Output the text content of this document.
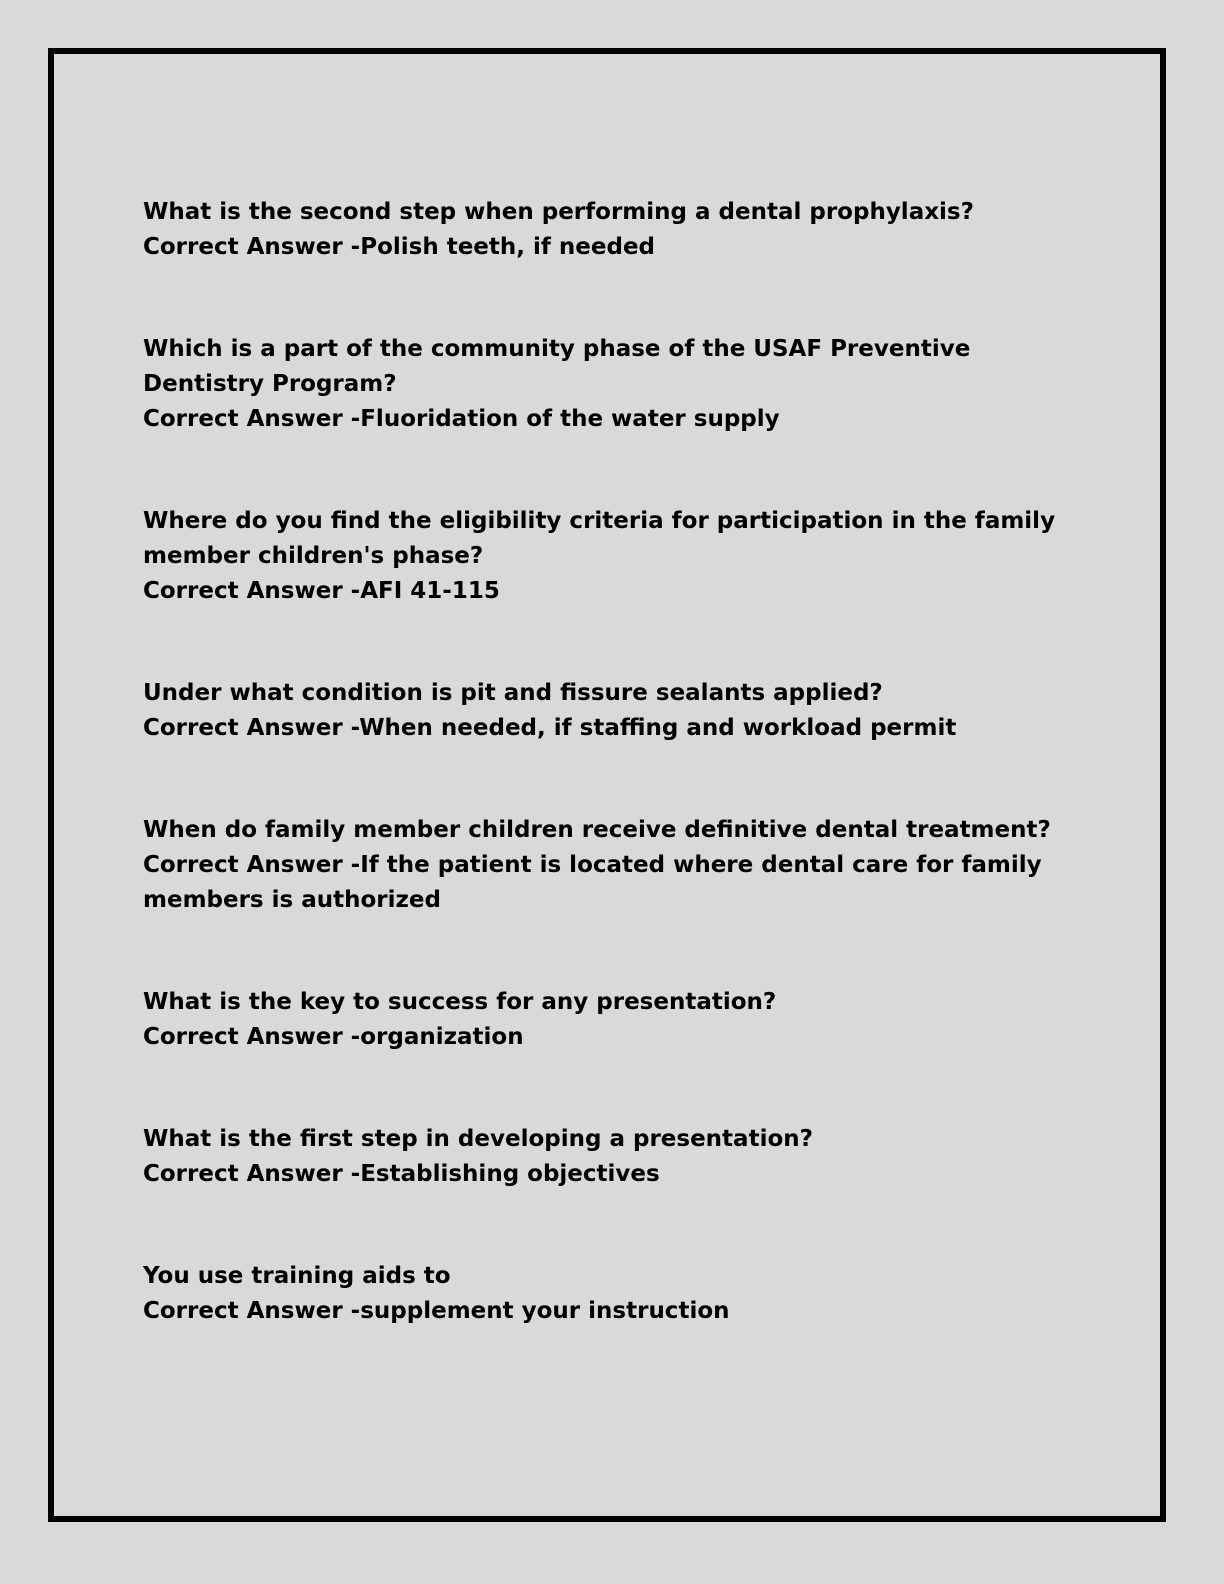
What is the second step when performing a dental prophylaxis?
Correct Answer -Polish teeth, if needed
Which is a part of the community phase of the USAF Preventive Dentistry Program?
Correct Answer -Fluoridation of the water supply
Where do you find the eligibility criteria for participation in the family member children's phase?
Correct Answer -AFI 41-115
Under what condition is pit and fissure sealants applied?
Correct Answer -When needed, if staffing and workload permit
When do family member children receive definitive dental treatment?
Correct Answer -If the patient is located where dental care for family members is authorized
What is the key to success for any presentation?
Correct Answer -organization
What is the first step in developing a presentation?
Correct Answer -Establishing objectives
You use training aids to
Correct Answer -supplement your instruction
